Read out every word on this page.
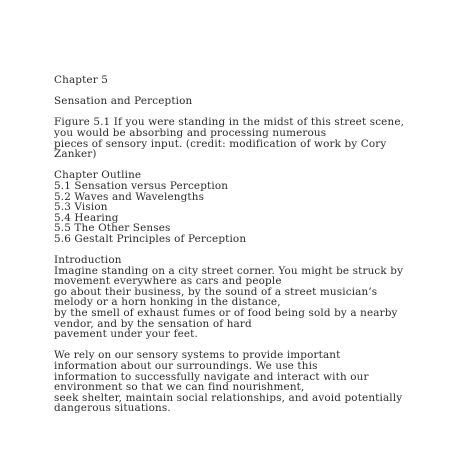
Chapter 5
Sensation and Perception
Figure 5.1 If you were standing in the midst of this street scene,
you would be absorbing and processing numerous
pieces of sensory input. (credit: modification of work by Cory
Zanker)
Chapter Outline
5.1 Sensation versus Perception
5.2 Waves and Wavelengths
5.3 Vision
5.4 Hearing
5.5 The Other Senses
5.6 Gestalt Principles of Perception
Introduction
Imagine standing on a city street corner. You might be struck by
movement everywhere as cars and people
go about their business, by the sound of a street musician’s
melody or a horn honking in the distance,
by the smell of exhaust fumes or of food being sold by a nearby
vendor, and by the sensation of hard
pavement under your feet.
We rely on our sensory systems to provide important
information about our surroundings. We use this
information to successfully navigate and interact with our
environment so that we can find nourishment,
seek shelter, maintain social relationships, and avoid potentially
dangerous situations.
